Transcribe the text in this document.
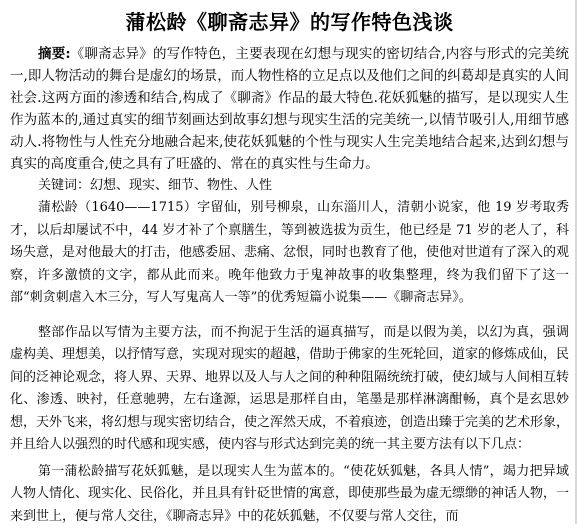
蒲松龄《聊斋志异》的写作特色浅谈

摘要:《聊斋志异》的写作特色，主要表现在幻想与现实的密切结合,内容与形式的完美统一,即人物活动的舞台是虚幻的场景，而人物性格的立足点以及他们之间的纠葛却是真实的人间社会.这两方面的渗透和结合,构成了《聊斋》作品的最大特色.花妖狐魅的描写，是以现实人生作为蓝本的,通过真实的细节刻画达到故事幻想与现实生活的完美统一,以情节吸引人,用细节感动人.将物性与人性充分地融合起来,使花妖狐魅的个性与现实人生完美地结合起来,达到幻想与真实的高度重合,使之具有了旺盛的、常在的真实性与生命力。

关键词：幻想、现实、细节、物性、人性

蒲松龄（1640——1715）字留仙，别号柳泉，山东淄川人，清朝小说家，他 19 岁考取秀才，以后却屡试不中，44 岁才补了个禀膳生，等到被选拔为贡生，他已经是 71 岁的老人了，科场失意，是对他最大的打击，他感委屈、悲痛、忿恨，同时也教育了他，使他对世道有了深入的观察，许多激愤的文字，都从此而来。晚年他致力于鬼神故事的收集整理，终为我们留下了这一部“刺贪刺虐入木三分，写人写鬼高人一等”的优秀短篇小说集——《聊斋志异》。

整部作品以写情为主要方法，而不拘泥于生活的逼真描写，而是以假为美，以幻为真，强调虚构美、理想美，以抒情写意，实现对现实的超越，借助于佛家的生死轮回，道家的修炼成仙，民间的泛神论观念，将人界、天界、地界以及人与人之间的种种阻隔统统打破，使幻域与人间相互转化、渗透、映衬，任意驰骋，左右逢源，运思是那样自由，笔墨是那样淋漓酣畅，真个是玄思妙想，天外飞来，将幻想与现实密切结合，使之浑然天成，不着痕迹，创造出臻于完美的艺术形象，并且给人以强烈的时代感和现实感，使内容与形式达到完美的统一其主要方法有以下几点：

第一蒲松龄描写花妖狐魅，是以现实人生为蓝本的。“使花妖狐魅，各具人情”，竭力把异域人物人情化、现实化、民俗化，并且具有针砭世情的寓意，即使那些最为虚无缥缈的神话人物，一来到世上，便与常人交往，《聊斋志异》中的花妖狐魅，不仅要与常人交往，而
